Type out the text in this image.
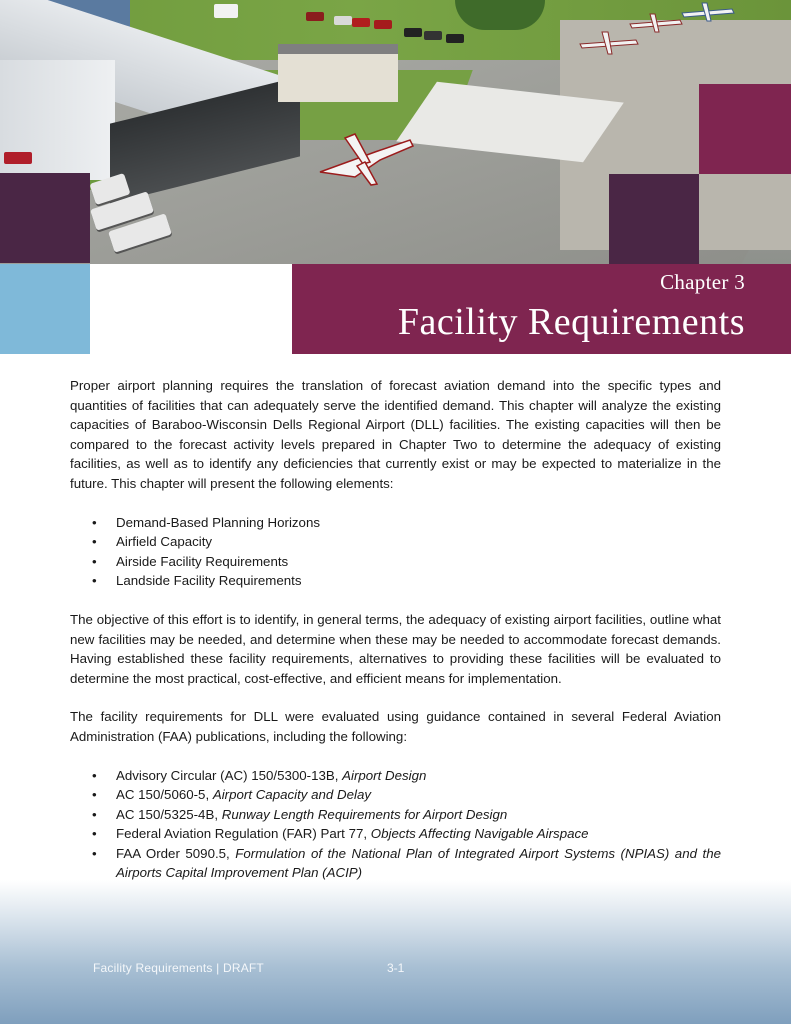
Chapter 3
Facility Requirements

Proper airport planning requires the translation of forecast aviation demand into the specific types and quantities of facilities that can adequately serve the identified demand. This chapter will analyze the existing capacities of Baraboo-Wisconsin Dells Regional Airport (DLL) facilities. The existing capacities will then be compared to the forecast activity levels prepared in Chapter Two to determine the adequacy of existing facilities, as well as to identify any deficiencies that currently exist or may be expected to materialize in the future. This chapter will present the following elements:

• Demand-Based Planning Horizons
• Airfield Capacity
• Airside Facility Requirements
• Landside Facility Requirements

The objective of this effort is to identify, in general terms, the adequacy of existing airport facilities, outline what new facilities may be needed, and determine when these may be needed to accommodate forecast demands. Having established these facility requirements, alternatives to providing these facilities will be evaluated to determine the most practical, cost-effective, and efficient means for implementation.

The facility requirements for DLL were evaluated using guidance contained in several Federal Aviation Administration (FAA) publications, including the following:

• Advisory Circular (AC) 150/5300-13B, Airport Design
• AC 150/5060-5, Airport Capacity and Delay
• AC 150/5325-4B, Runway Length Requirements for Airport Design
• Federal Aviation Regulation (FAR) Part 77, Objects Affecting Navigable Airspace
• FAA Order 5090.5, Formulation of the National Plan of Integrated Airport Systems (NPIAS) and the Airports Capital Improvement Plan (ACIP)
Facility Requirements | DRAFT	3-1
